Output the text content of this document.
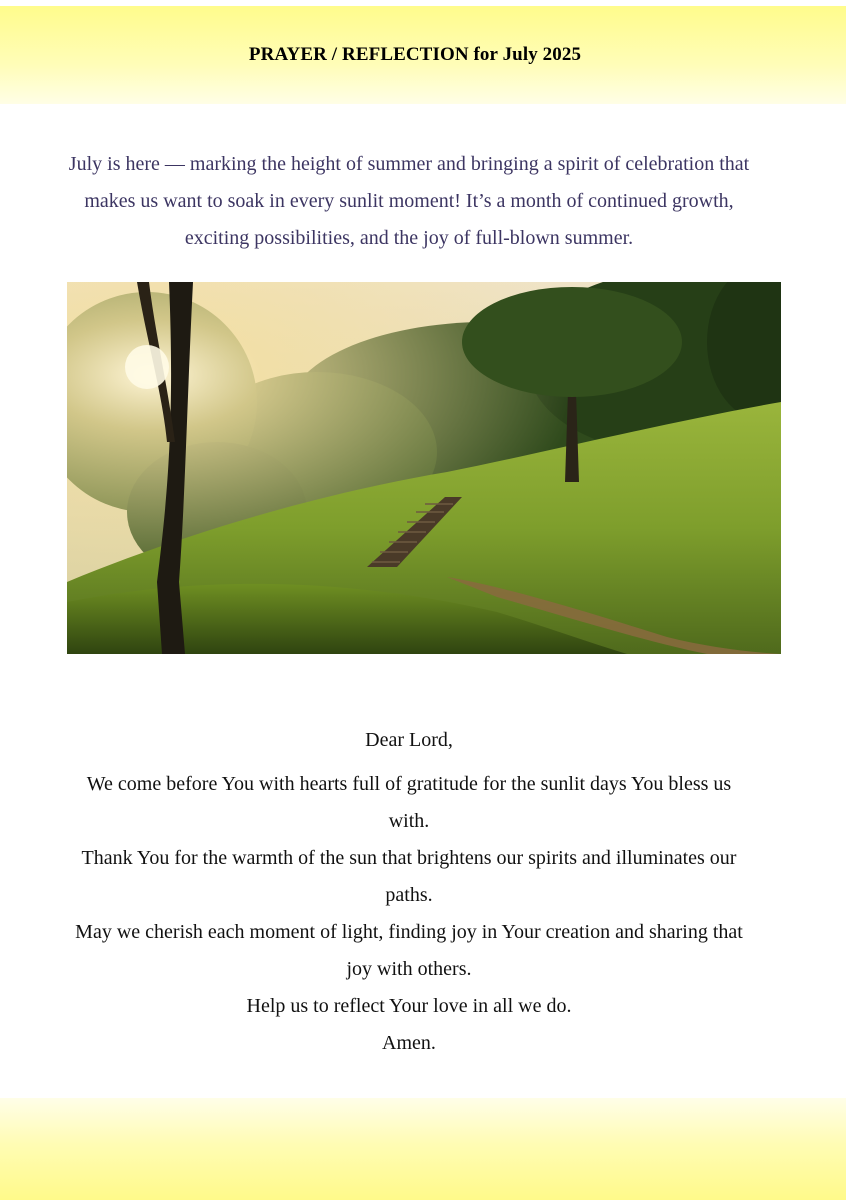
PRAYER / REFLECTION for July 2025

July is here — marking the height of summer and bringing a spirit of celebration that makes us want to soak in every sunlit moment! It’s a month of continued growth, exciting possibilities, and the joy of full-blown summer.

Dear Lord,

We come before You with hearts full of gratitude for the sunlit days You bless us with.

Thank You for the warmth of the sun that brightens our spirits and illuminates our paths.

May we cherish each moment of light, finding joy in Your creation and sharing that joy with others.

Help us to reflect Your love in all we do.

Amen.
